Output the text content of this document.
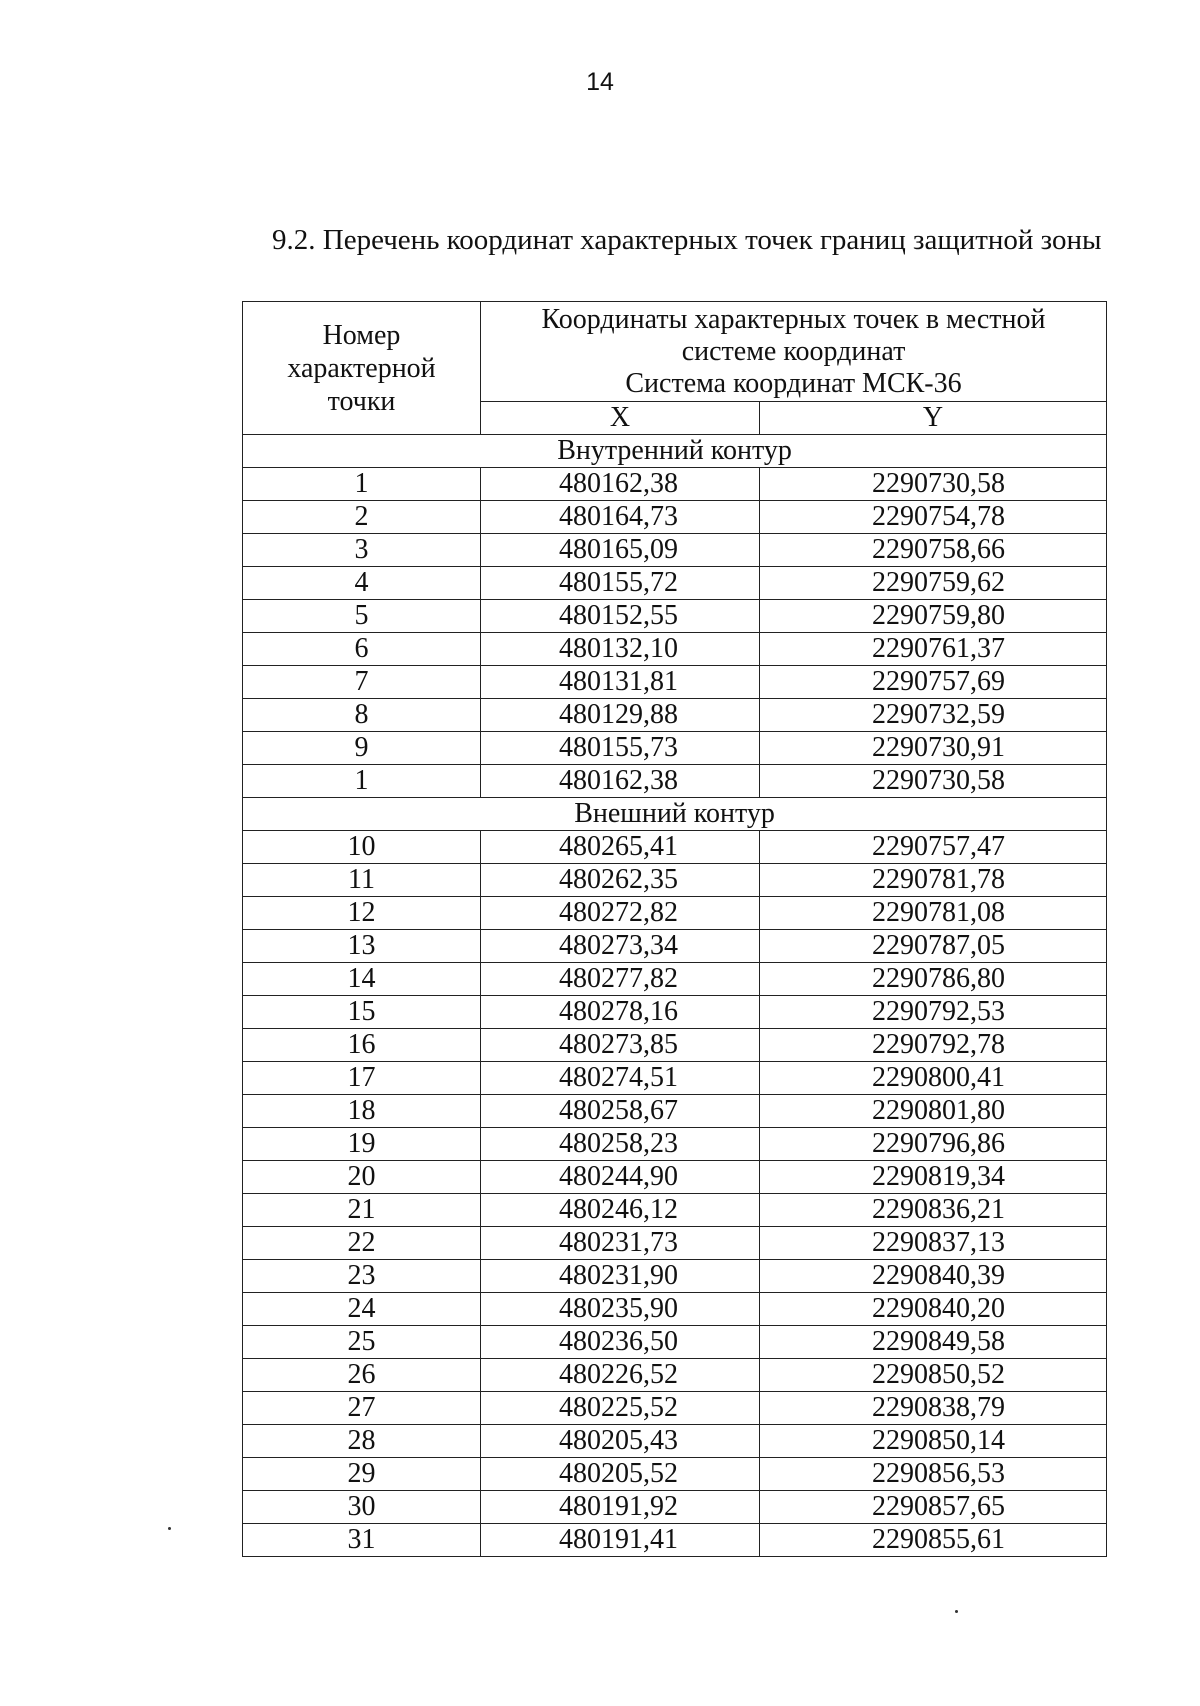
14
9.2. Перечень координат характерных точек границ защитной зоны
Номер
характерной
точки	Координаты характерных точек в местной
системе координат
Система координат МСК-36	

	X	Y
Внутренний контур		
1	480162,38	2290730,58
2	480164,73	2290754,78
3	480165,09	2290758,66
4	480155,72	2290759,62
5	480152,55	2290759,80
6	480132,10	2290761,37
7	480131,81	2290757,69
8	480129,88	2290732,59
9	480155,73	2290730,91
1	480162,38	2290730,58
Внешний контур		
10	480265,41	2290757,47
11	480262,35	2290781,78
12	480272,82	2290781,08
13	480273,34	2290787,05
14	480277,82	2290786,80
15	480278,16	2290792,53
16	480273,85	2290792,78
17	480274,51	2290800,41
18	480258,67	2290801,80
19	480258,23	2290796,86
20	480244,90	2290819,34
21	480246,12	2290836,21
22	480231,73	2290837,13
23	480231,90	2290840,39
24	480235,90	2290840,20
25	480236,50	2290849,58
26	480226,52	2290850,52
27	480225,52	2290838,79
28	480205,43	2290850,14
29	480205,52	2290856,53
30	480191,92	2290857,65
31	480191,41	2290855,61
